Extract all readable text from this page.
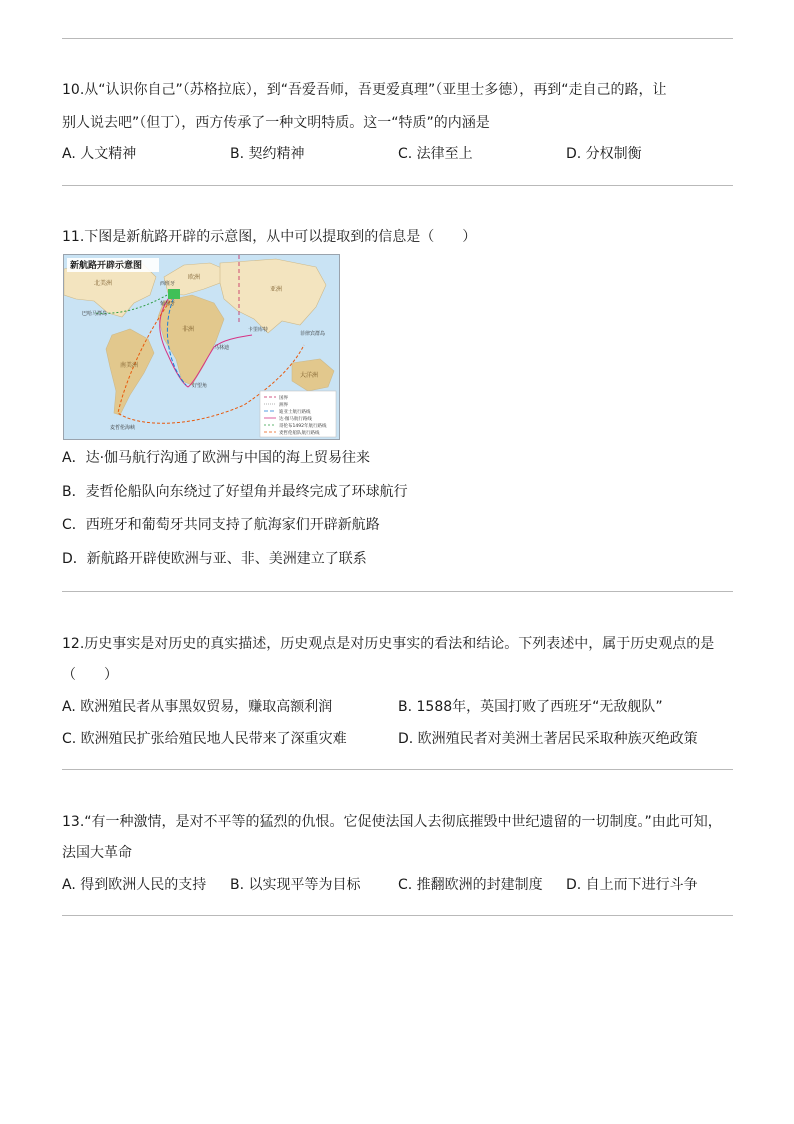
10.从“认识你自己”（苏格拉底），到“吾爱吾师，吾更爱真理”（亚里士多德），再到“走自己的路，让
别人说去吧”（但丁），西方传承了一种文明特质。这一“特质”的内涵是
A. 人文精神	B. 契约精神	C. 法律至上	D. 分权制衡
11.下图是新航路开辟的示意图，从中可以提取到的信息是（　　）
新航路开辟示意图
西班牙
葡萄牙
巴哈马群岛
马林迪
好望角
卡里库特
菲律宾群岛
麦哲伦海峡
北美洲
南美洲
非洲
欧洲
亚洲
大洋洲
国界
洲界
迪亚士航行路线
达·伽马航行路线
哥伦布1492年航行路线
麦哲伦船队航行路线
A．达·伽马航行沟通了欧洲与中国的海上贸易往来
B．麦哲伦船队向东绕过了好望角并最终完成了环球航行
C．西班牙和葡萄牙共同支持了航海家们开辟新航路
D．新航路开辟使欧洲与亚、非、美洲建立了联系
12.历史事实是对历史的真实描述，历史观点是对历史事实的看法和结论。下列表述中，属于历史观点的是
（　　）
A. 欧洲殖民者从事黑奴贸易，赚取高额利润	B. 1588年，英国打败了西班牙“无敌舰队”
C. 欧洲殖民扩张给殖民地人民带来了深重灾难	D. 欧洲殖民者对美洲土著居民采取种族灭绝政策
13.“有一种激情，是对不平等的猛烈的仇恨。它促使法国人去彻底摧毁中世纪遗留的一切制度。”由此可知，
法国大革命
A. 得到欧洲人民的支持 B. 以实现平等为目标	C. 推翻欧洲的封建制度 D. 自上而下进行斗争
